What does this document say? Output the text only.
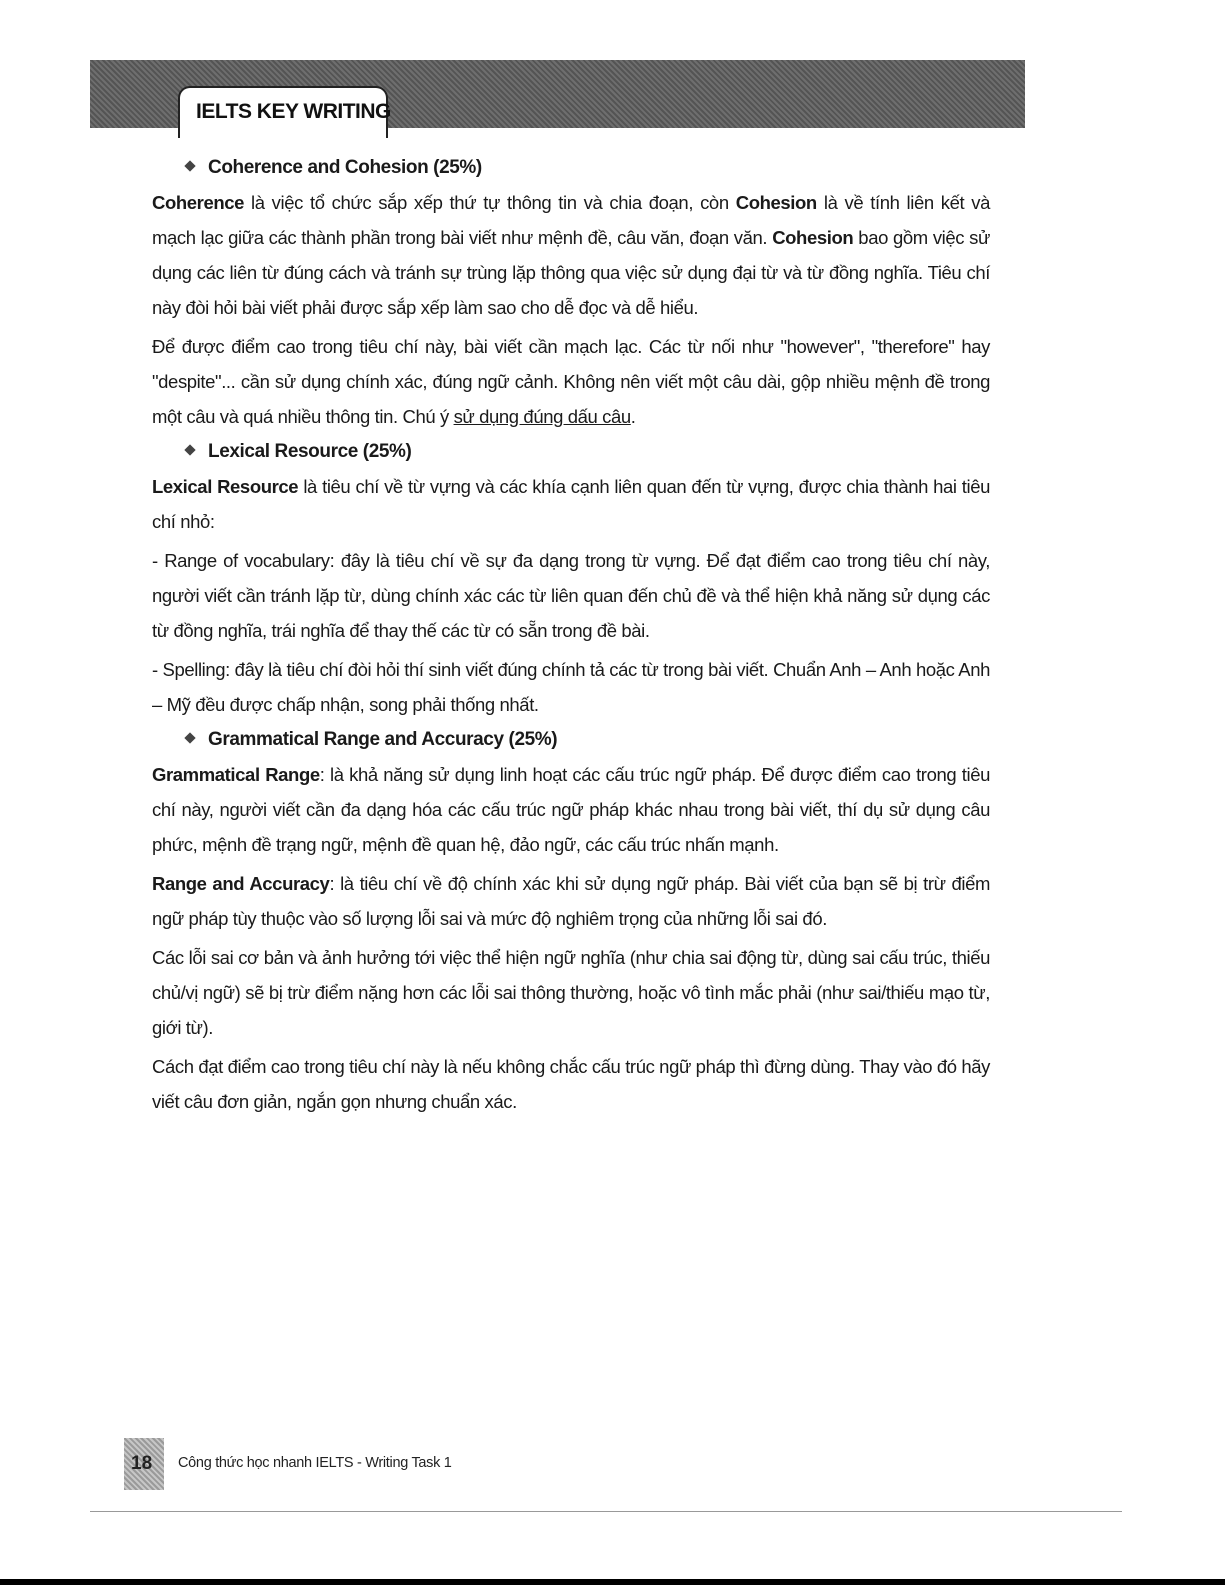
IELTS KEY WRITING
Coherence and Cohesion (25%)

Coherence là việc tổ chức sắp xếp thứ tự thông tin và chia đoạn, còn Cohesion là về tính liên kết và mạch lạc giữa các thành phần trong bài viết như mệnh đề, câu văn, đoạn văn. Cohesion bao gồm việc sử dụng các liên từ đúng cách và tránh sự trùng lặp thông qua việc sử dụng đại từ và từ đồng nghĩa. Tiêu chí này đòi hỏi bài viết phải được sắp xếp làm sao cho dễ đọc và dễ hiểu.

Để được điểm cao trong tiêu chí này, bài viết cần mạch lạc. Các từ nối như "however", "therefore" hay "despite"... cần sử dụng chính xác, đúng ngữ cảnh. Không nên viết một câu dài, gộp nhiều mệnh đề trong một câu và quá nhiều thông tin. Chú ý sử dụng đúng dấu câu.

Lexical Resource (25%)

Lexical Resource là tiêu chí về từ vựng và các khía cạnh liên quan đến từ vựng, được chia thành hai tiêu chí nhỏ:

- Range of vocabulary: đây là tiêu chí về sự đa dạng trong từ vựng. Để đạt điểm cao trong tiêu chí này, người viết cần tránh lặp từ, dùng chính xác các từ liên quan đến chủ đề và thể hiện khả năng sử dụng các từ đồng nghĩa, trái nghĩa để thay thế các từ có sẵn trong đề bài.

- Spelling: đây là tiêu chí đòi hỏi thí sinh viết đúng chính tả các từ trong bài viết. Chuẩn Anh – Anh hoặc Anh – Mỹ đều được chấp nhận, song phải thống nhất.

Grammatical Range and Accuracy (25%)

Grammatical Range: là khả năng sử dụng linh hoạt các cấu trúc ngữ pháp. Để được điểm cao trong tiêu chí này, người viết cần đa dạng hóa các cấu trúc ngữ pháp khác nhau trong bài viết, thí dụ sử dụng câu phức, mệnh đề trạng ngữ, mệnh đề quan hệ, đảo ngữ, các cấu trúc nhấn mạnh.

Range and Accuracy: là tiêu chí về độ chính xác khi sử dụng ngữ pháp. Bài viết của bạn sẽ bị trừ điểm ngữ pháp tùy thuộc vào số lượng lỗi sai và mức độ nghiêm trọng của những lỗi sai đó.

Các lỗi sai cơ bản và ảnh hưởng tới việc thể hiện ngữ nghĩa (như chia sai động từ, dùng sai cấu trúc, thiếu chủ/vị ngữ) sẽ bị trừ điểm nặng hơn các lỗi sai thông thường, hoặc vô tình mắc phải (như sai/thiếu mạo từ, giới từ).

Cách đạt điểm cao trong tiêu chí này là nếu không chắc cấu trúc ngữ pháp thì đừng dùng. Thay vào đó hãy viết câu đơn giản, ngắn gọn nhưng chuẩn xác.

18 Công thức học nhanh IELTS - Writing Task 1
